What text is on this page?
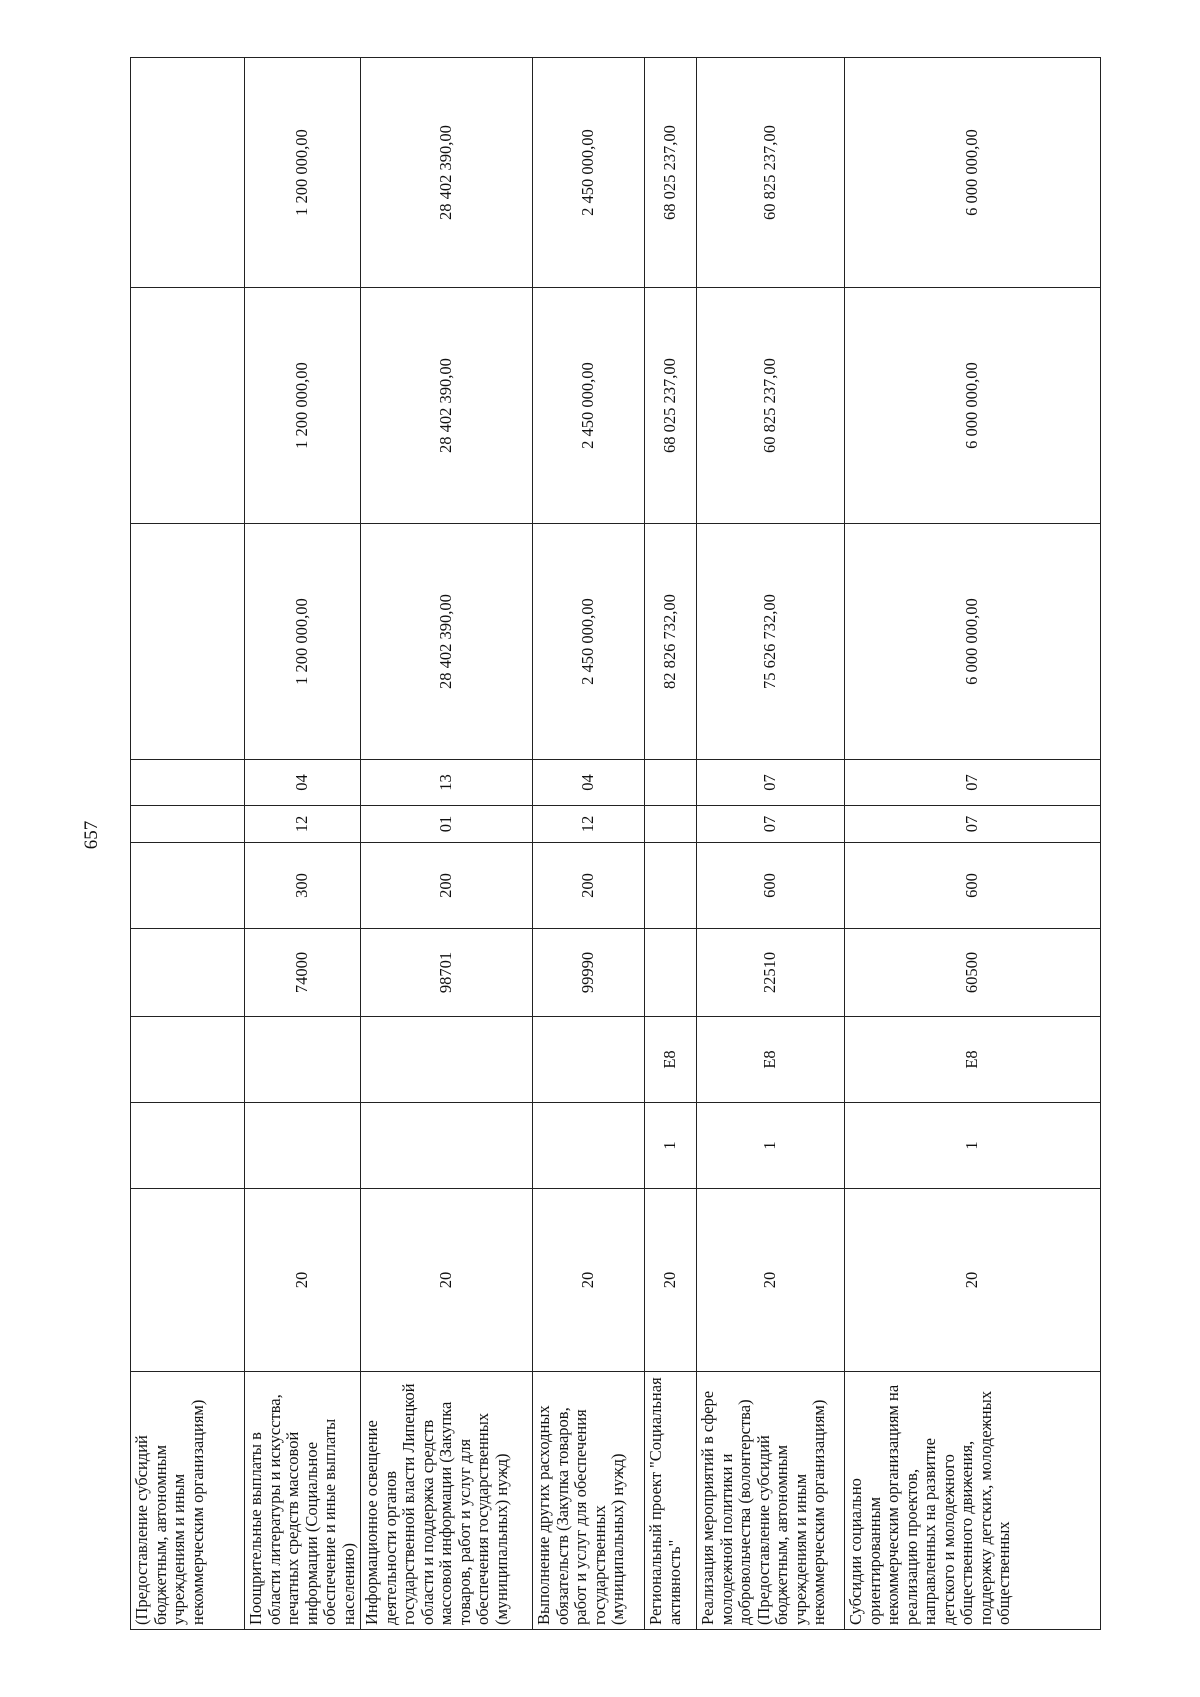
657
(Предоставление субсидий бюджетным, автономным учреждениям и иным некоммерческим организациям)										
Поощрительные выплаты в области литературы и искусства, печатных средств массовой информации (Социальное обеспечение и иные выплаты населению)	20			74000	300	12	04	1 200 000,00	1 200 000,00	1 200 000,00
Информационное освещение деятельности органов государственной власти Липецкой области и поддержка средств массовой информации (Закупка товаров, работ и услуг для обеспечения государственных (муниципальных) нужд)	20			98701	200	01	13	28 402 390,00	28 402 390,00	28 402 390,00
Выполнение других расходных обязательств (Закупка товаров, работ и услуг для обеспечения государственных (муниципальных) нужд)	20			99990	200	12	04	2 450 000,00	2 450 000,00	2 450 000,00
Региональный проект "Социальная активность"	20	1	E8					82 826 732,00	68 025 237,00	68 025 237,00
Реализация мероприятий в сфере молодежной политики и добровольчества (волонтерства) (Предоставление субсидий бюджетным, автономным учреждениям и иным некоммерческим организациям)	20	1	E8	22510	600	07	07	75 626 732,00	60 825 237,00	60 825 237,00
Субсидии социально ориентированным некоммерческим организациям на реализацию проектов, направленных на развитие детского и молодежного общественного движения, поддержку детских, молодежных общественных	20	1	E8	60500	600	07	07	6 000 000,00	6 000 000,00	6 000 000,00
